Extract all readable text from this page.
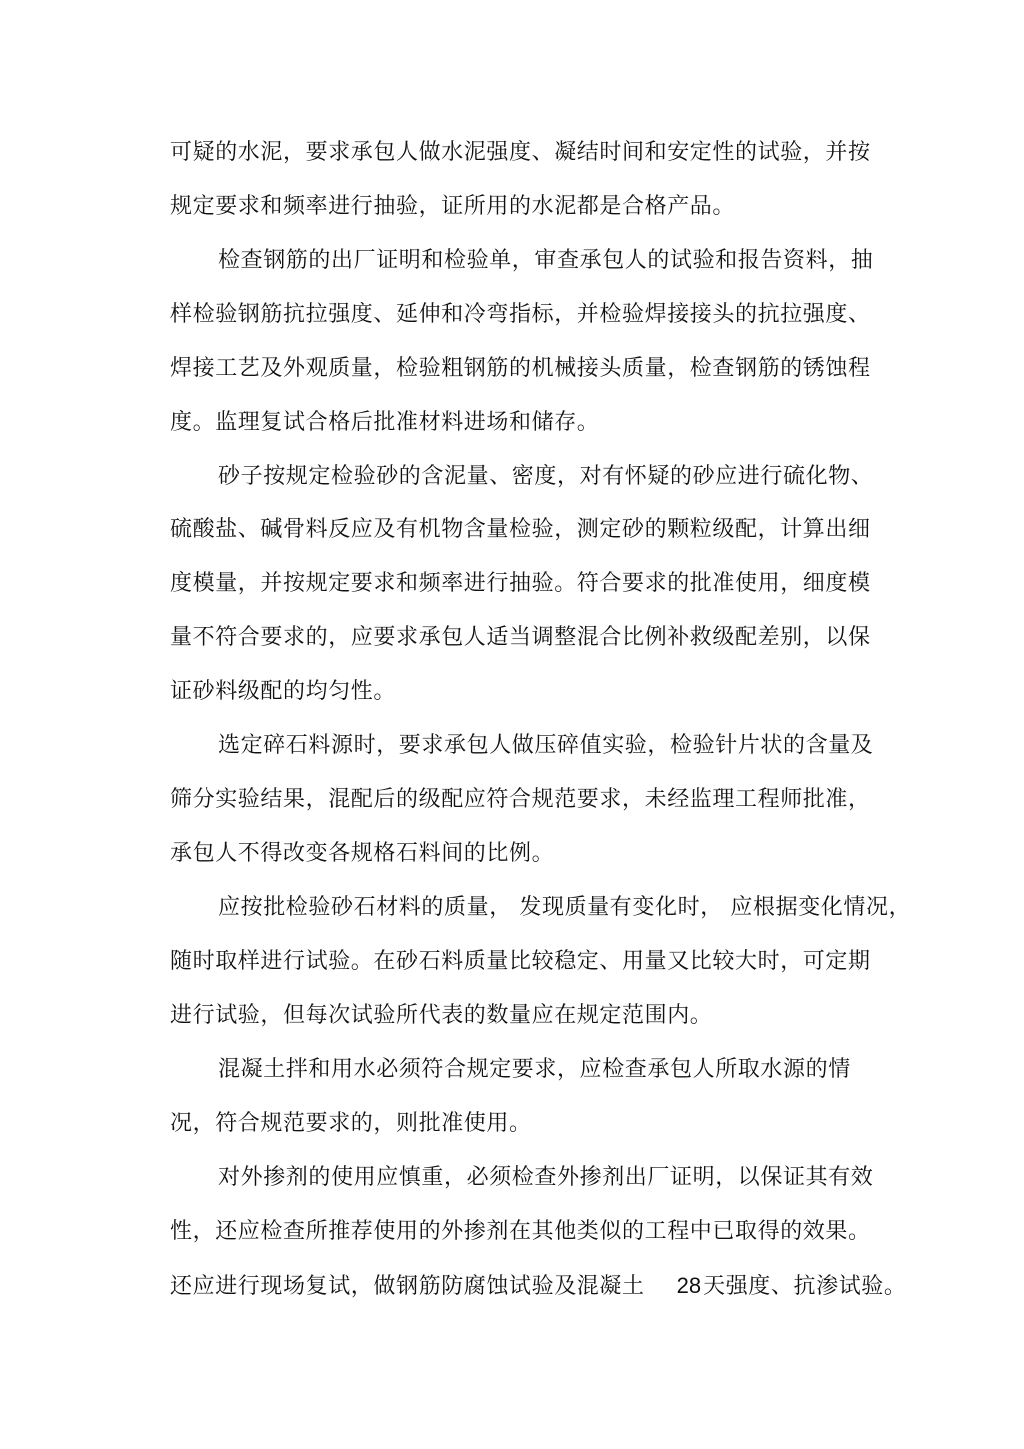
可疑的水泥，要求承包人做水泥强度、凝结时间和安定性的试验，并按
规定要求和频率进行抽验，证所用的水泥都是合格产品。
检查钢筋的出厂证明和检验单，审查承包人的试验和报告资料，抽
样检验钢筋抗拉强度、延伸和冷弯指标，并检验焊接接头的抗拉强度、
焊接工艺及外观质量，检验粗钢筋的机械接头质量，检查钢筋的锈蚀程
度。监理复试合格后批准材料进场和储存。
砂子按规定检验砂的含泥量、密度，对有怀疑的砂应进行硫化物、
硫酸盐、碱骨料反应及有机物含量检验，测定砂的颗粒级配，计算出细
度模量，并按规定要求和频率进行抽验。符合要求的批准使用，细度模
量不符合要求的，应要求承包人适当调整混合比例补救级配差别，以保
证砂料级配的均匀性。
选定碎石料源时，要求承包人做压碎值实验，检验针片状的含量及
筛分实验结果，混配后的级配应符合规范要求，未经监理工程师批准，
承包人不得改变各规格石料间的比例。
应按批检验砂石材料的质量， 发现质量有变化时， 应根据变化情况，
随时取样进行试验。在砂石料质量比较稳定、用量又比较大时，可定期
进行试验，但每次试验所代表的数量应在规定范围内。
混凝土拌和用水必须符合规定要求，应检查承包人所取水源的情
况，符合规范要求的，则批准使用。
对外掺剂的使用应慎重，必须检查外掺剂出厂证明，以保证其有效
性，还应检查所推荐使用的外掺剂在其他类似的工程中已取得的效果。
还应进行现场复试，做钢筋防腐蚀试验及混凝土 28天强度、抗渗试验。
